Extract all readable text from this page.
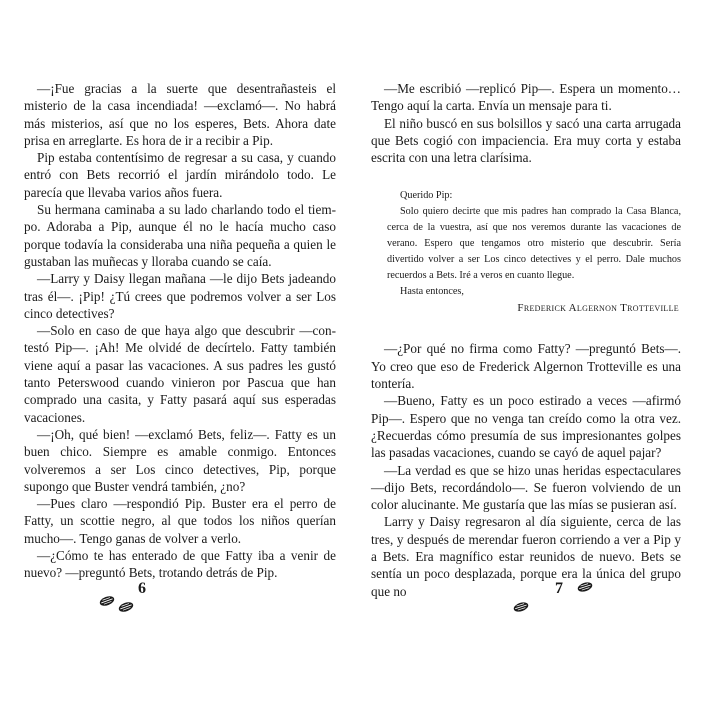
—¡Fue gracias a la suerte que desentrañasteis el misterio de la casa incendiada! —exclamó—. No habrá más misterios, así que no los esperes, Bets. Ahora date prisa en arreglarte. Es hora de ir a recibir a Pip.

Pip estaba contentísimo de regresar a su casa, y cuando entró con Bets recorrió el jardín mirándolo todo. Le parecía que llevaba varios años fuera.

Su hermana caminaba a su lado charlando todo el tiempo. Adoraba a Pip, aunque él no le hacía mucho caso porque todavía la consideraba una niña pequeña a quien le gustaban las muñecas y lloraba cuando se caía.

—Larry y Daisy llegan mañana —le dijo Bets jadeando tras él—. ¡Pip! ¿Tú crees que podremos volver a ser Los cinco detectives?

—Solo en caso de que haya algo que descubrir —contestó Pip—. ¡Ah! Me olvidé de decírtelo. Fatty también viene aquí a pasar las vacaciones. A sus padres les gustó tanto Peterswood cuando vinieron por Pascua que han comprado una casita, y Fatty pasará aquí sus esperadas vacaciones.

—¡Oh, qué bien! —exclamó Bets, feliz—. Fatty es un buen chico. Siempre es amable conmigo. Entonces volveremos a ser Los cinco detectives, Pip, porque supongo que Buster vendrá también, ¿no?

—Pues claro —respondió Pip. Buster era el perro de Fatty, un scottie negro, al que todos los niños querían mucho—. Tengo ganas de volver a verlo.

—¿Cómo te has enterado de que Fatty iba a venir de nuevo? —preguntó Bets, trotando detrás de Pip.

6

—Me escribió —replicó Pip—. Espera un momento… Tengo aquí la carta. Envía un mensaje para ti.

El niño buscó en sus bolsillos y sacó una carta arrugada que Bets cogió con impaciencia. Era muy corta y estaba escrita con una letra clarísima.

Querido Pip:

Solo quiero decirte que mis padres han comprado la Casa Blanca, cerca de la vuestra, así que nos veremos durante las vacaciones de verano. Espero que tengamos otro misterio que descubrir. Sería divertido volver a ser Los cinco detectives y el perro. Dale muchos recuerdos a Bets. Iré a veros en cuanto llegue.

Hasta entonces,

Frederick Algernon Trotteville

—¿Por qué no firma como Fatty? —preguntó Bets—. Yo creo que eso de Frederick Algernon Trotteville es una tontería.

—Bueno, Fatty es un poco estirado a veces —afirmó Pip—. Espero que no venga tan creído como la otra vez. ¿Recuerdas cómo presumía de sus impresionantes golpes las pasadas vacaciones, cuando se cayó de aquel pajar?

—La verdad es que se hizo unas heridas espectaculares —dijo Bets, recordándolo—. Se fueron volviendo de un color alucinante. Me gustaría que las mías se pusieran así.

Larry y Daisy regresaron al día siguiente, cerca de las tres, y después de merendar fueron corriendo a ver a Pip y a Bets. Era magnífico estar reunidos de nuevo. Bets se sentía un poco desplazada, porque era la única del grupo que no	7
